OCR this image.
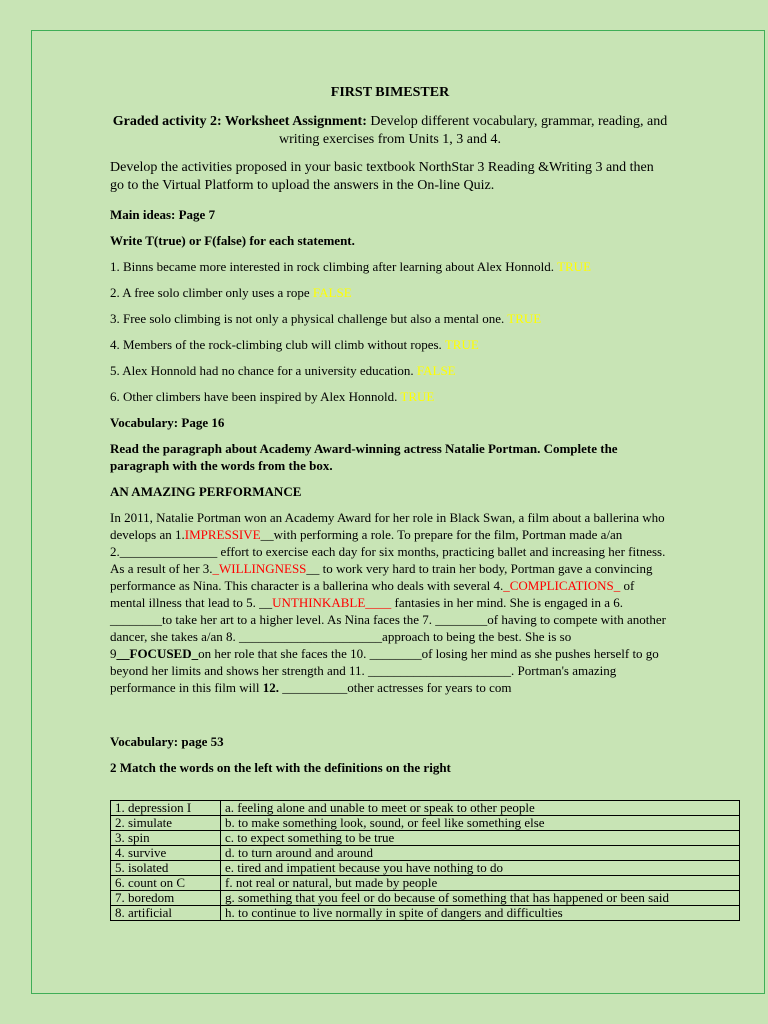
FIRST BIMESTER

Graded activity 2: Worksheet Assignment: Develop different vocabulary, grammar, reading, and writing exercises from Units 1, 3 and 4.

Develop the activities proposed in your basic textbook NorthStar 3 Reading &Writing 3 and then go to the Virtual Platform to upload the answers in the On-line Quiz.

Main ideas: Page 7

Write T(true) or F(false) for each statement.

1. Binns became more interested in rock climbing after learning about Alex Honnold. TRUE

2. A free solo climber only uses a rope FALSE

3. Free solo climbing is not only a physical challenge but also a mental one. TRUE

4. Members of the rock-climbing club will climb without ropes. TRUE

5. Alex Honnold had no chance for a university education. FALSE

6. Other climbers have been inspired by Alex Honnold. TRUE

Vocabulary: Page 16

Read the paragraph about Academy Award-winning actress Natalie Portman. Complete the paragraph with the words from the box.

AN AMAZING PERFORMANCE

In 2011, Natalie Portman won an Academy Award for her role in Black Swan, a film about a ballerina who develops an 1.IMPRESSIVE__with performing a role. To prepare for the film, Portman made a/an 2._______________ effort to exercise each day for six months, practicing ballet and increasing her fitness. As a result of her 3._WILLINGNESS__ to work very hard to train her body, Portman gave a convincing performance as Nina. This character is a ballerina who deals with several 4._COMPLICATIONS_ of mental illness that lead to 5. __UNTHINKABLE____ fantasies in her mind. She is engaged in a 6. ________to take her art to a higher level. As Nina faces the 7. ________of having to compete with another dancer, she takes a/an 8. ______________________approach to being the best. She is so 9__FOCUSED_on her role that she faces the 10. ________of losing her mind as she pushes herself to go beyond her limits and shows her strength and 11. ______________________. Portman's amazing performance in this film will 12. __________other actresses for years to com

Vocabulary: page 53

2 Match the words on the left with the definitions on the right

1. depression I	a. feeling alone and unable to meet or speak to other people
2. simulate	b. to make something look, sound, or feel like something else
3. spin	c. to expect something to be true
4. survive	d. to turn around and around
5. isolated	e. tired and impatient because you have nothing to do
6. count on C	f. not real or natural, but made by people
7. boredom	g. something that you feel or do because of something that has happened or been said
8. artificial	h. to continue to live normally in spite of dangers and difficulties
